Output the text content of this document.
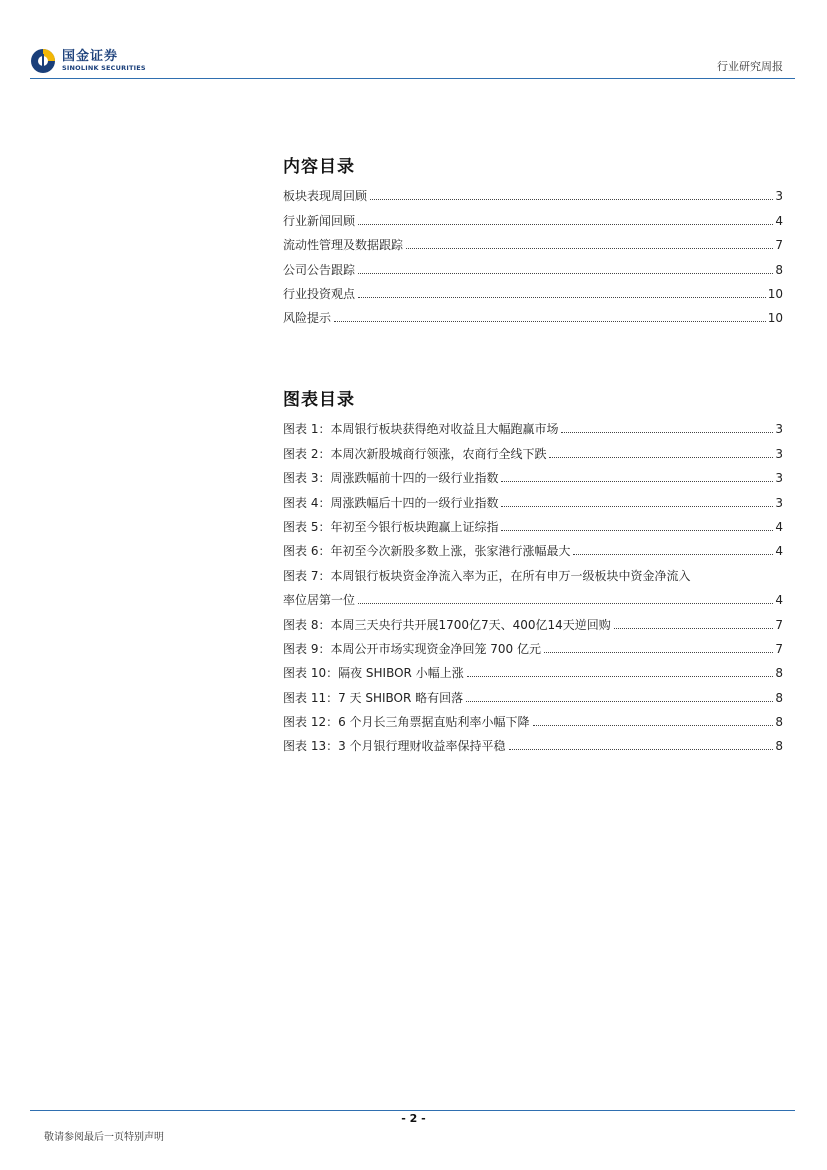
国金证券
SINOLINK SECURITIES	行业研究周报
内容目录
板块表现周回顾	3
行业新闻回顾	4
流动性管理及数据跟踪	7
公司公告跟踪	8
行业投资观点	10
风险提示	10
图表目录
图表 1：本周银行板块获得绝对收益且大幅跑赢市场	3
图表 2：本周次新股城商行领涨，农商行全线下跌	3
图表 3：周涨跌幅前十四的一级行业指数	3
图表 4：周涨跌幅后十四的一级行业指数	3
图表 5：年初至今银行板块跑赢上证综指	4
图表 6：年初至今次新股多数上涨，张家港行涨幅最大	4
图表 7：本周银行板块资金净流入率为正，在所有申万一级板块中资金净流入
率位居第一位	4
图表 8：本周三天央行共开展1700亿7天、400亿14天逆回购	7
图表 9：本周公开市场实现资金净回笼 700 亿元	7
图表 10：隔夜 SHIBOR 小幅上涨	8
图表 11：7 天 SHIBOR 略有回落	8
图表 12：6 个月长三角票据直贴利率小幅下降	8
图表 13：3 个月银行理财收益率保持平稳	8
- 2 -
敬请参阅最后一页特别声明
